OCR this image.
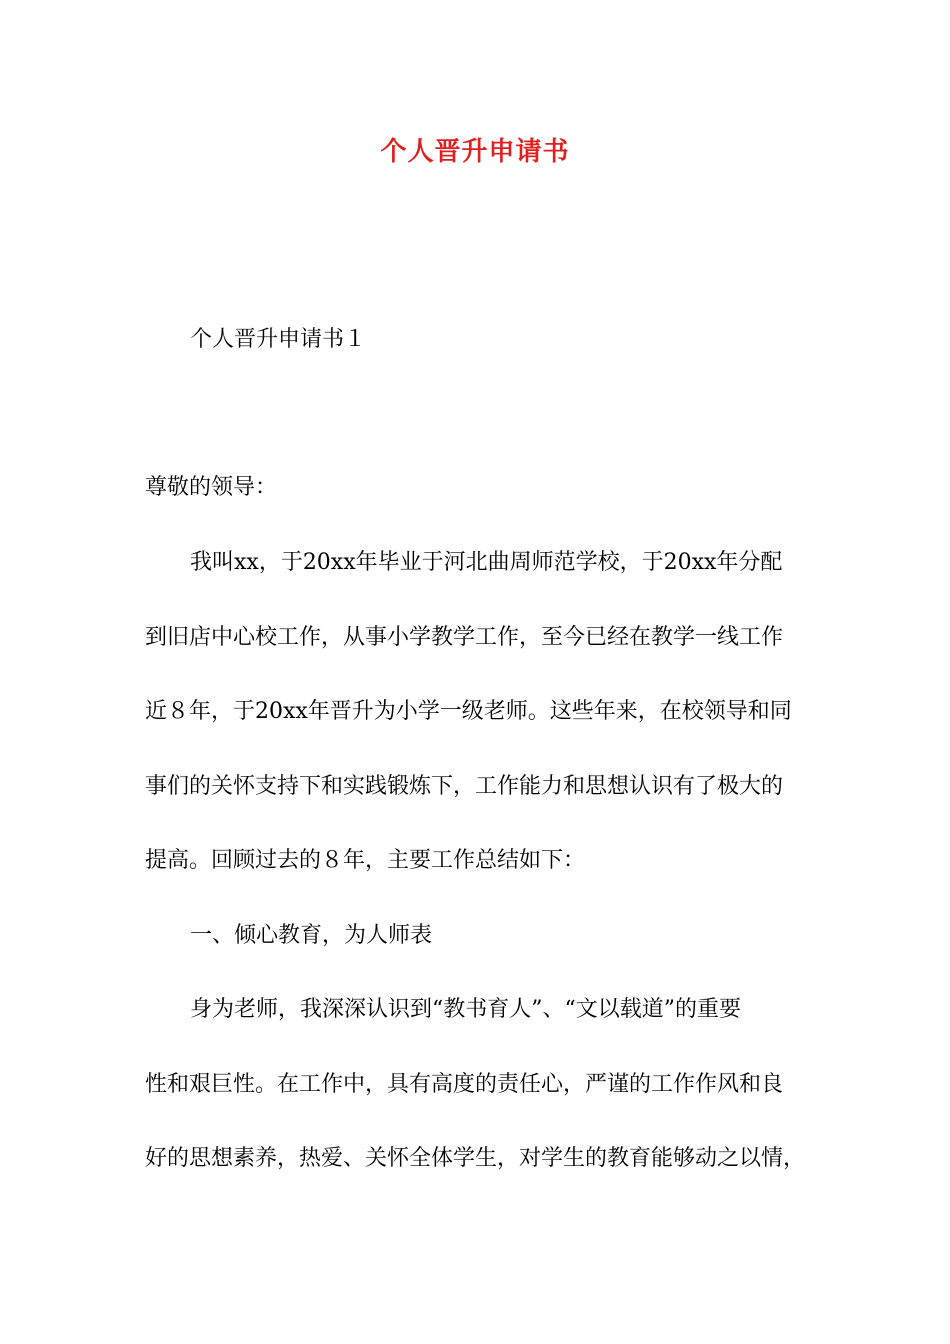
个人晋升申请书
个人晋升申请书１
尊敬的领导：
我叫xx，于20xx年毕业于河北曲周师范学校，于20xx年分配
到旧店中心校工作，从事小学教学工作，至今已经在教学一线工作
近８年，于20xx年晋升为小学一级老师。这些年来，在校领导和同
事们的关怀支持下和实践锻炼下，工作能力和思想认识有了极大的
提高。回顾过去的８年，主要工作总结如下：
一、倾心教育，为人师表
身为老师，我深深认识到“教书育人”、“文以载道”的重要
性和艰巨性。在工作中，具有高度的责任心，严谨的工作作风和良
好的思想素养，热爱、关怀全体学生，对学生的教育能够动之以情，
